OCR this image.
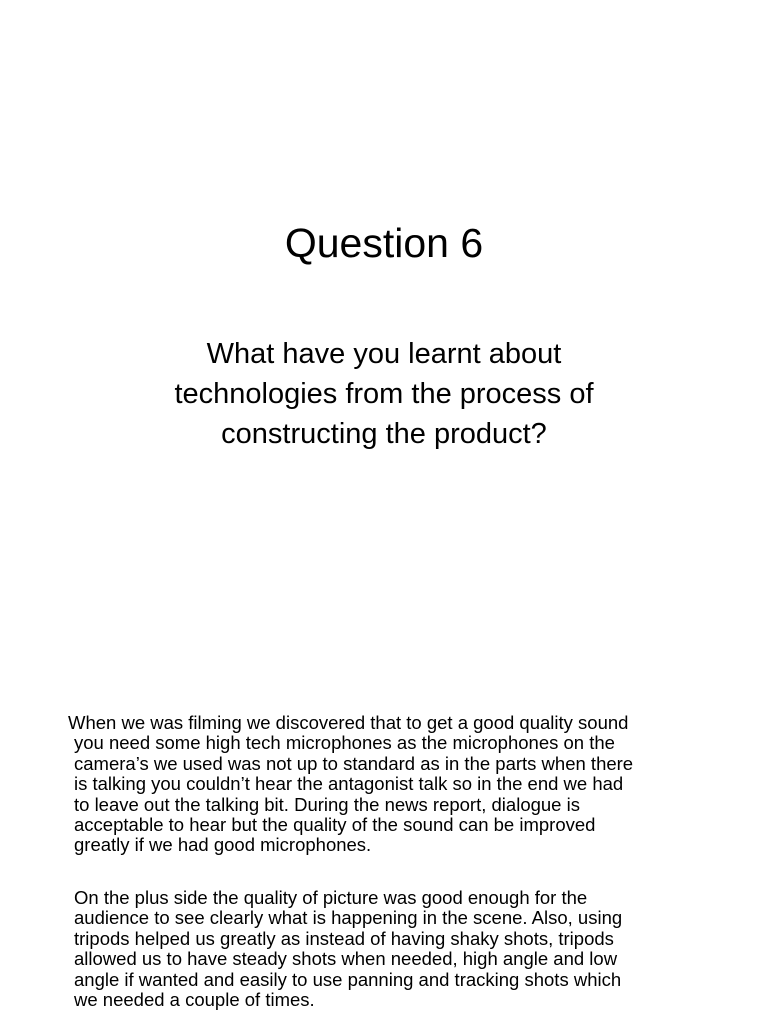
Question 6
What have you learnt about
technologies from the process of
constructing the product?

When we was filming we discovered that to get a good quality sound
you need some high tech microphones as the microphones on the
camera’s we used was not up to standard as in the parts when there
is talking you couldn’t hear the antagonist talk so in the end we had
to leave out the talking bit. During the news report, dialogue is
acceptable to hear but the quality of the sound can be improved
greatly if we had good microphones.

On the plus side the quality of picture was good enough for the
audience to see clearly what is happening in the scene. Also, using
tripods helped us greatly as instead of having shaky shots, tripods
allowed us to have steady shots when needed, high angle and low
angle if wanted and easily to use panning and tracking shots which
we needed a couple of times.
